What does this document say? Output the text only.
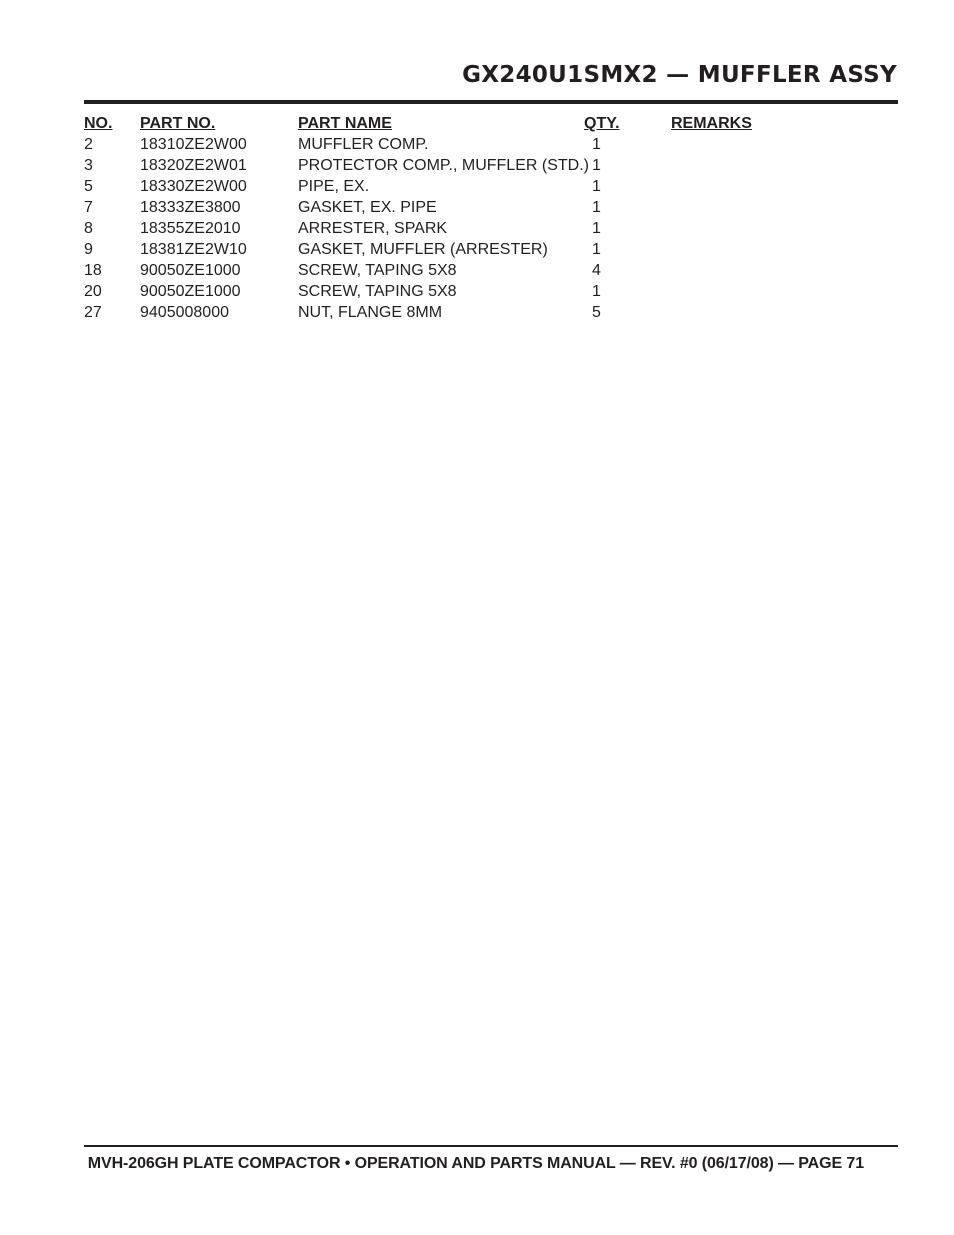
GX240U1SMX2 — MUFFLER ASSY
NO. PART NO.	PART NAME	QTY.	REMARKS
2	18310ZE2W00	MUFFLER COMP.	1
3	18320ZE2W01	PROTECTOR COMP., MUFFLER (STD.) 1
5	18330ZE2W00	PIPE, EX.	1
7	18333ZE3800	GASKET, EX. PIPE	1
8	18355ZE2010	ARRESTER, SPARK	1
9	18381ZE2W10	GASKET, MUFFLER (ARRESTER)	1
18 90050ZE1000	SCREW, TAPING 5X8	4
20 90050ZE1000	SCREW, TAPING 5X8	1
27 9405008000	NUT, FLANGE 8MM	5
MVH-206GH PLATE COMPACTOR • OPERATION AND PARTS MANUAL — REV. #0 (06/17/08) — PAGE 71
